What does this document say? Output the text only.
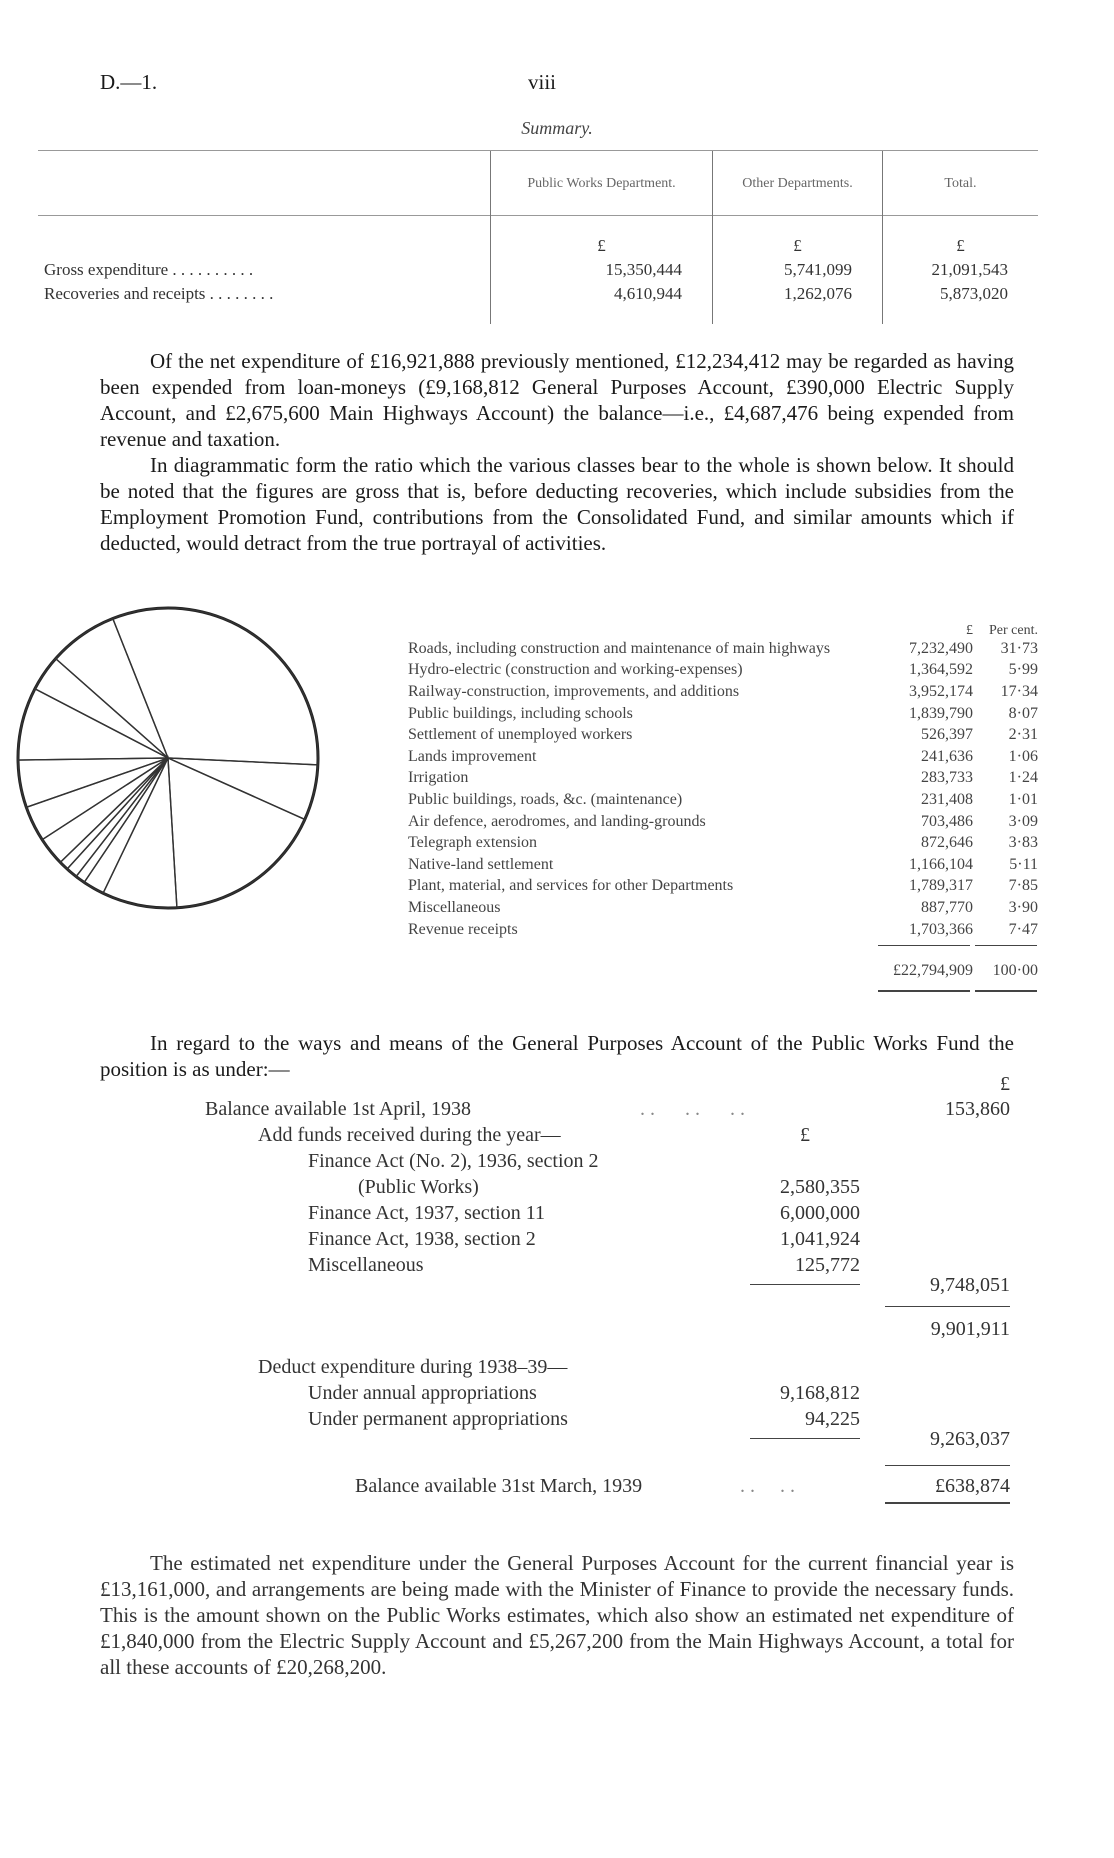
D.—1.	viii
Summary.
	Public Works Department.	Other Departments.	Total.
	£	£	£
Gross expenditure . . . . . . . . . .	15,350,444	5,741,099	21,091,543
Recoveries and receipts . . . . . . . .	4,610,944	1,262,076	5,873,020

Of the net expenditure of £16,921,888 previously mentioned, £12,234,412 may be regarded as having been expended from loan-moneys (£9,168,812 General Purposes Account, £390,000 Electric Supply Account, and £2,675,600 Main Highways Account) the balance—i.e., £4,687,476 being expended from revenue and taxation.

In diagrammatic form the ratio which the various classes bear to the whole is shown below. It should be noted that the figures are gross that is, before deducting recoveries, which include subsidies from the Employment Promotion Fund, contributions from the Consolidated Fund, and similar amounts which if deducted, would detract from the true portrayal of activities.

	£	Per cent.
Roads, including construction and maintenance of main highways	7,232,490	31·73
Hydro-electric (construction and working-expenses)	1,364,592	5·99
Railway-construction, improvements, and additions	3,952,174	17·34
Public buildings, including schools	1,839,790	8·07
Settlement of unemployed workers	526,397	2·31
Lands improvement	241,636	1·06
Irrigation	283,733	1·24
Public buildings, roads, &c. (maintenance)	231,408	1·01
Air defence, aerodromes, and landing-grounds	703,486	3·09
Telegraph extension	872,646	3·83
Native-land settlement	1,166,104	5·11
Plant, material, and services for other Departments	1,789,317	7·85
Miscellaneous	887,770	3·90
Revenue receipts	1,703,366	7·47
	£22,794,909	100·00

In regard to the ways and means of the General Purposes Account of the Public Works Fund the position is as under:—

£
Balance available 1st April, 1938	. .      . .      . .	153,860
Add funds received during the year—	£
Finance Act (No. 2), 1936, section 2
(Public Works)	2,580,355
Finance Act, 1937, section 11	6,000,000
Finance Act, 1938, section 2	1,041,924
Miscellaneous	125,772
9,748,051
9,901,911
Deduct expenditure during 1938–39—
Under annual appropriations	9,168,812
Under permanent appropriations	94,225
9,263,037
Balance available 31st March, 1939	. .     . .	£638,874

The estimated net expenditure under the General Purposes Account for the current financial year is £13,161,000, and arrangements are being made with the Minister of Finance to provide the necessary funds. This is the amount shown on the Public Works estimates, which also show an estimated net expenditure of £1,840,000 from the Electric Supply Account and £5,267,200 from the Main Highways Account, a total for all these accounts of £20,268,200.
